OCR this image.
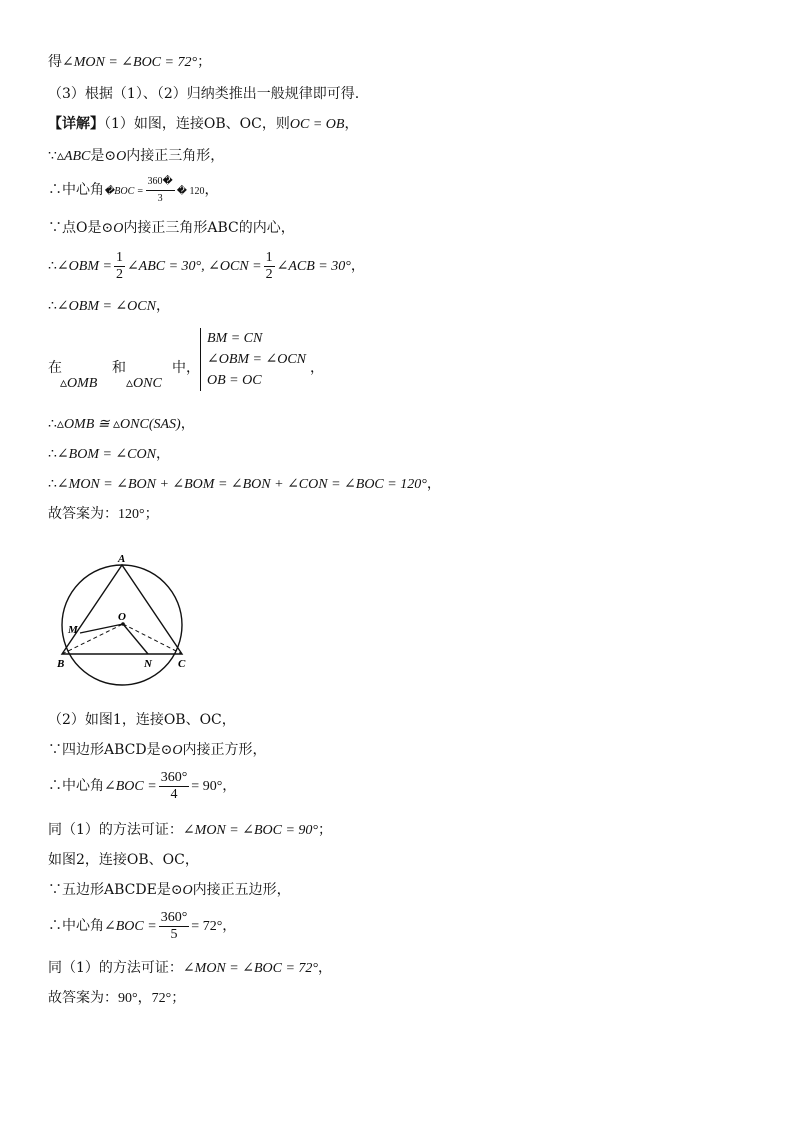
得∠MON = ∠BOC = 72°；
（3）根据（1）、（2）归纳类推出一般规律即可得.
【详解】（1）如图，连接OB、OC，则OC = OB，
∵▵ABC是⊙O内接正三角形，
∴中心角�BOC = $\frac{360�}{3}$ � 120，
∵点O是⊙O内接正三角形ABC的内心，
∴∠OBM = $\frac{1}{2}$ ∠ABC = 30°, ∠OCN = $\frac{1}{2}$ ∠ACB = 30°，
∴∠OBM = ∠OCN，
在
▵OMB
和
▵ONC
中，
BM = CN
∠OBM = ∠OCN
OB = OC
，
∴▵OMB ≅ ▵ONC(SAS)，
∴∠BOM = ∠CON，
∴∠MON = ∠BON + ∠BOM = ∠BON + ∠CON = ∠BOC = 120°，
故答案为：120°；
A
O
M
B	N C
（2）如图1，连接OB、OC，
∵四边形ABCD是⊙O内接正方形，
∴中心角∠BOC = $\frac{360^\circ}{4} = 90^\circ$，
同（1）的方法可证：∠MON = ∠BOC = 90°；
如图2，连接OB、OC，
∵五边形ABCDE是⊙O内接正五边形，
∴中心角∠BOC = $\frac{360^\circ}{5} = 72^\circ$，
同（1）的方法可证：∠MON = ∠BOC = 72°，
故答案为：90°，72°；
